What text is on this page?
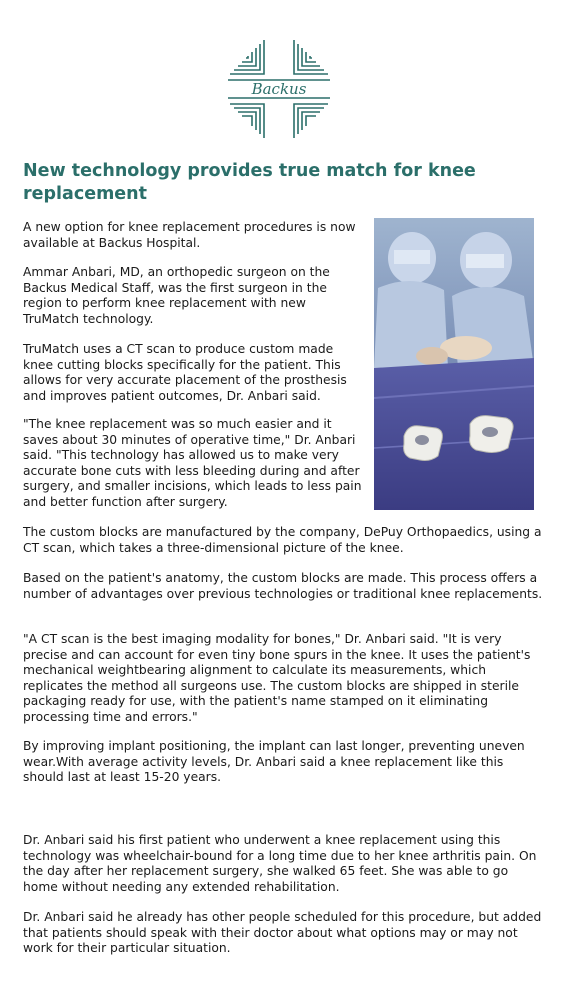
Backus
New technology provides true match for knee replacement

A new option for knee replacement procedures is now available at Backus Hospital.

Ammar Anbari, MD, an orthopedic surgeon on the Backus Medical Staff, was the first surgeon in the region to perform knee replacement with new TruMatch technology.

TruMatch uses a CT scan to produce custom made knee cutting blocks specifically for the patient. This allows for very accurate placement of the prosthesis and improves patient outcomes, Dr. Anbari said.

"The knee replacement was so much easier and it saves about 30 minutes of operative time," Dr. Anbari said. "This technology has allowed us to make very accurate bone cuts with less bleeding during and after surgery, and smaller incisions, which leads to less pain and better function after surgery.

The custom blocks are manufactured by the company, DePuy Orthopaedics, using a CT scan, which takes a three-dimensional picture of the knee.

Based on the patient's anatomy, the custom blocks are made. This process offers a number of advantages over previous technologies or traditional knee replacements.

"A CT scan is the best imaging modality for bones," Dr. Anbari said. "It is very precise and can account for even tiny bone spurs in the knee. It uses the patient's mechanical weightbearing alignment to calculate its measurements, which replicates the method all surgeons use. The custom blocks are shipped in sterile packaging ready for use, with the patient's name stamped on it eliminating processing time and errors."

By improving implant positioning, the implant can last longer, preventing uneven wear.With average activity levels, Dr. Anbari said a knee replacement like this should last at least 15-20 years.

Dr. Anbari said his first patient who underwent a knee replacement using this technology was wheelchair-bound for a long time due to her knee arthritis pain. On the day after her replacement surgery, she walked 65 feet. She was able to go home without needing any extended rehabilitation.

Dr. Anbari said he already has other people scheduled for this procedure, but added that patients should speak with their doctor about what options may or may not work for their particular situation.
